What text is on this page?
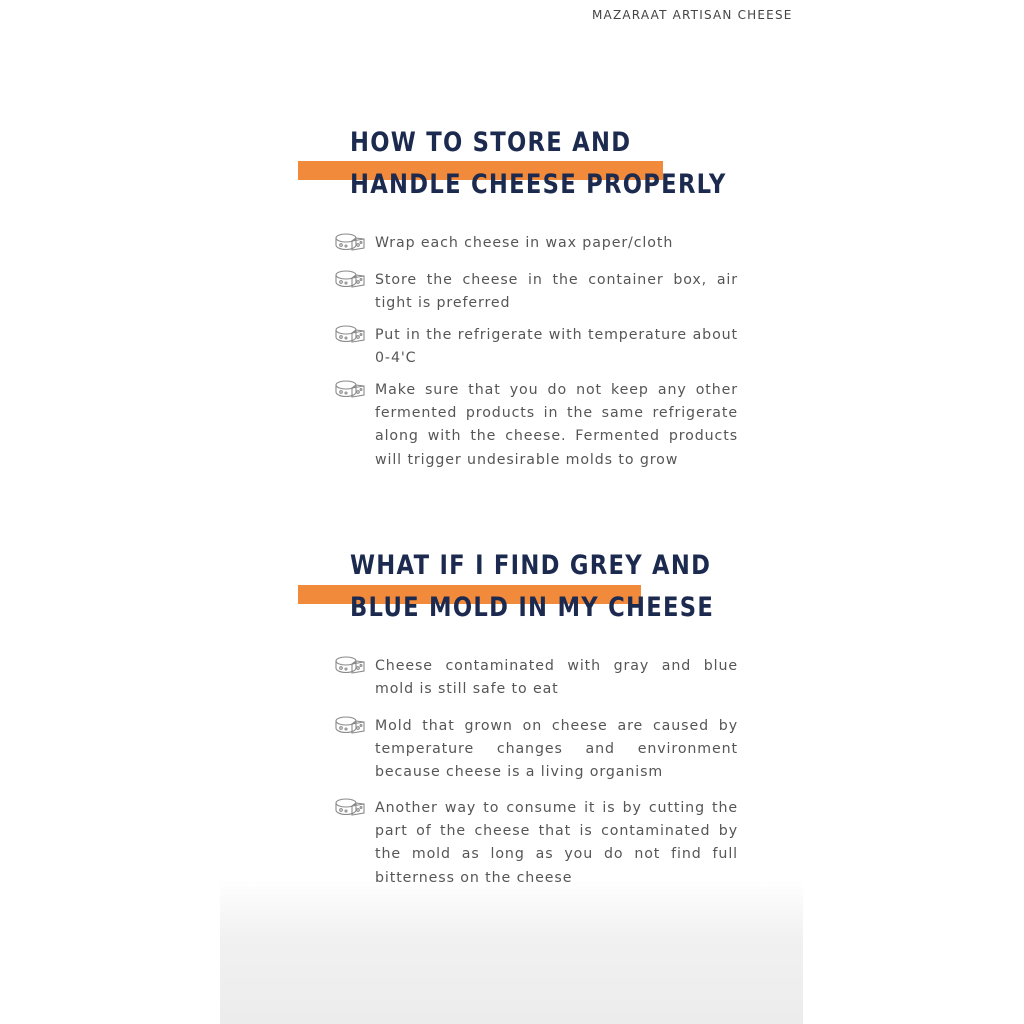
MAZARAAT ARTISAN CHEESE
HOW TO STORE AND
HANDLE CHEESE PROPERLY
Wrap each cheese in wax paper/cloth
Store the cheese in the container box, air tight is preferred
Put in the refrigerate with temperature about 0-4'C
Make sure that you do not keep any other fermented products in the same refrigerate along with the cheese. Fermented products will trigger undesirable molds to grow
WHAT IF I FIND GREY AND
BLUE MOLD IN MY CHEESE
Cheese contaminated with gray and blue mold is still safe to eat
Mold that grown on cheese are caused by temperature changes and environment because cheese is a living organism
Another way to consume it is by cutting the part of the cheese that is contaminated by the mold as long as you do not find full bitterness on the cheese
